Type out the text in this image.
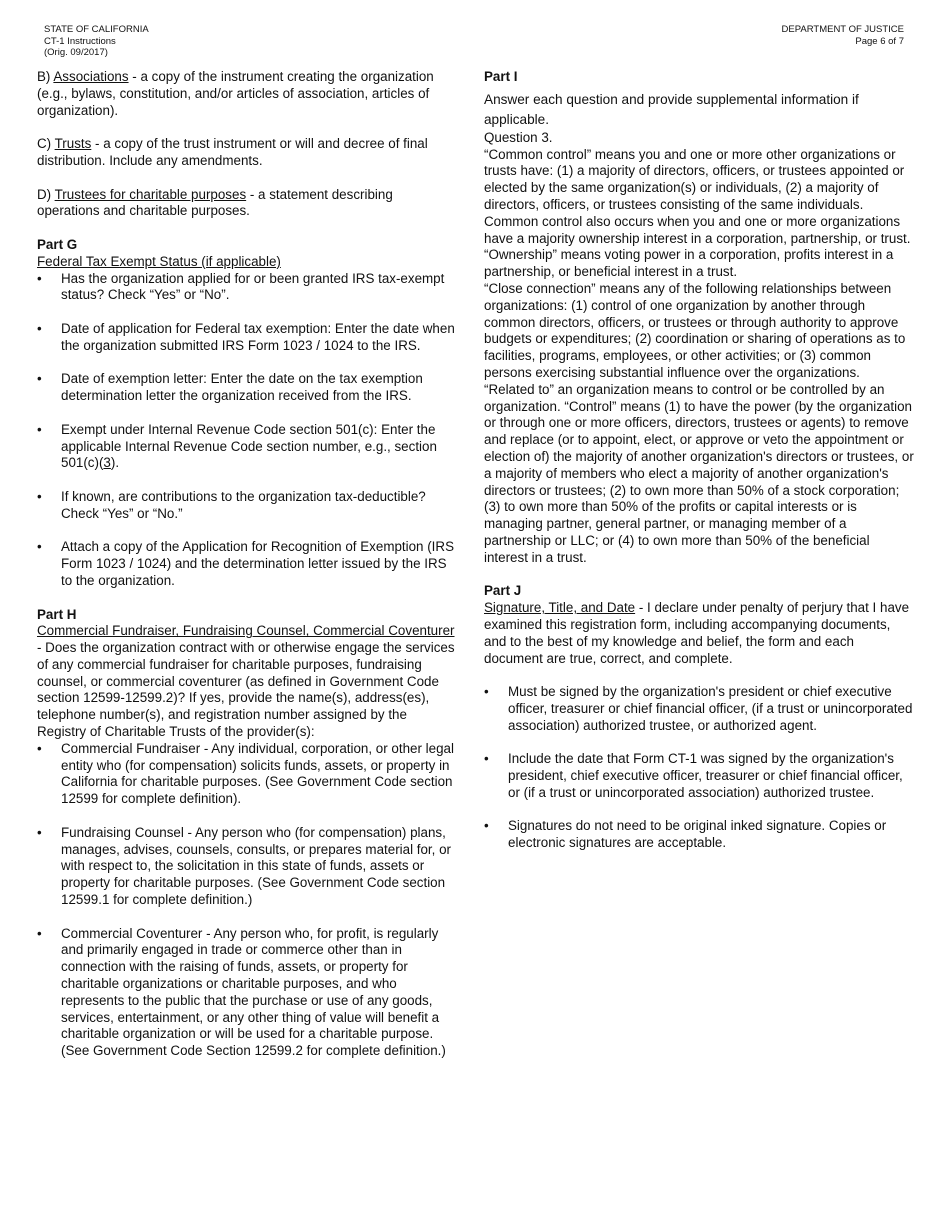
STATE OF CALIFORNIA
CT-1 Instructions
(Orig. 09/2017)
DEPARTMENT OF JUSTICE
Page 6 of 7

B) Associations - a copy of the instrument creating the organization (e.g., bylaws, constitution, and/or articles of association, articles of organization).

C) Trusts - a copy of the trust instrument or will and decree of final distribution. Include any amendments.

D) Trustees for charitable purposes - a statement describing operations and charitable purposes.

Part G

Federal Tax Exempt Status (if applicable)

• Has the organization applied for or been granted IRS tax-exempt status? Check “Yes” or “No”.
• Date of application for Federal tax exemption: Enter the date when the organization submitted IRS Form 1023 / 1024 to the IRS.
• Date of exemption letter: Enter the date on the tax exemption determination letter the organization received from the IRS.
• Exempt under Internal Revenue Code section 501(c): Enter the applicable Internal Revenue Code section number, e.g., section 501(c)(3).
• If known, are contributions to the organization tax-deductible? Check “Yes” or “No.”
• Attach a copy of the Application for Recognition of Exemption (IRS Form 1023 / 1024) and the determination letter issued by the IRS to the organization.

Part H

Commercial Fundraiser, Fundraising Counsel, Commercial Coventurer - Does the organization contract with or otherwise engage the services of any commercial fundraiser for charitable purposes, fundraising counsel, or commercial coventurer (as defined in Government Code section 12599-12599.2)? If yes, provide the name(s), address(es), telephone number(s), and registration number assigned by the Registry of Charitable Trusts of the provider(s):

• Commercial Fundraiser - Any individual, corporation, or other legal entity who (for compensation) solicits funds, assets, or property in California for charitable purposes. (See Government Code section 12599 for complete definition).
• Fundraising Counsel - Any person who (for compensation) plans, manages, advises, counsels, consults, or prepares material for, or with respect to, the solicitation in this state of funds, assets or property for charitable purposes. (See Government Code section 12599.1 for complete definition.)
• Commercial Coventurer - Any person who, for profit, is regularly and primarily engaged in trade or commerce other than in connection with the raising of funds, assets, or property for charitable organizations or charitable purposes, and who represents to the public that the purchase or use of any goods, services, entertainment, or any other thing of value will benefit a charitable organization or will be used for a charitable purpose. (See Government Code Section 12599.2 for complete definition.)

Part I

Answer each question and provide supplemental information if applicable.

Question 3.

“Common control” means you and one or more other organizations or trusts have: (1) a majority of directors, officers, or trustees appointed or elected by the same organization(s) or individuals, (2) a majority of directors, officers, or trustees consisting of the same individuals. Common control also occurs when you and one or more organizations have a majority ownership interest in a corporation, partnership, or trust. “Ownership” means voting power in a corporation, profits interest in a partnership, or beneficial interest in a trust.

“Close connection” means any of the following relationships between organizations: (1) control of one organization by another through common directors, officers, or trustees or through authority to approve budgets or expenditures; (2) coordination or sharing of operations as to facilities, programs, employees, or other activities; or (3) common persons exercising substantial influence over the organizations.

“Related to” an organization means to control or be controlled by an organization. “Control” means (1) to have the power (by the organization or through one or more officers, directors, trustees or agents) to remove and replace (or to appoint, elect, or approve or veto the appointment or election of) the majority of another organization's directors or trustees, or a majority of members who elect a majority of another organization's directors or trustees; (2) to own more than 50% of a stock corporation; (3) to own more than 50% of the profits or capital interests or is managing partner, general partner, or managing member of a partnership or LLC; or (4) to own more than 50% of the beneficial interest in a trust.

Part J

Signature, Title, and Date - I declare under penalty of perjury that I have examined this registration form, including accompanying documents, and to the best of my knowledge and belief, the form and each document are true, correct, and complete.

• Must be signed by the organization's president or chief executive officer, treasurer or chief financial officer, (if a trust or unincorporated association) authorized trustee, or authorized agent.
• Include the date that Form CT-1 was signed by the organization's president, chief executive officer, treasurer or chief financial officer, or (if a trust or unincorporated association) authorized trustee.
• Signatures do not need to be original inked signature. Copies or electronic signatures are acceptable.
